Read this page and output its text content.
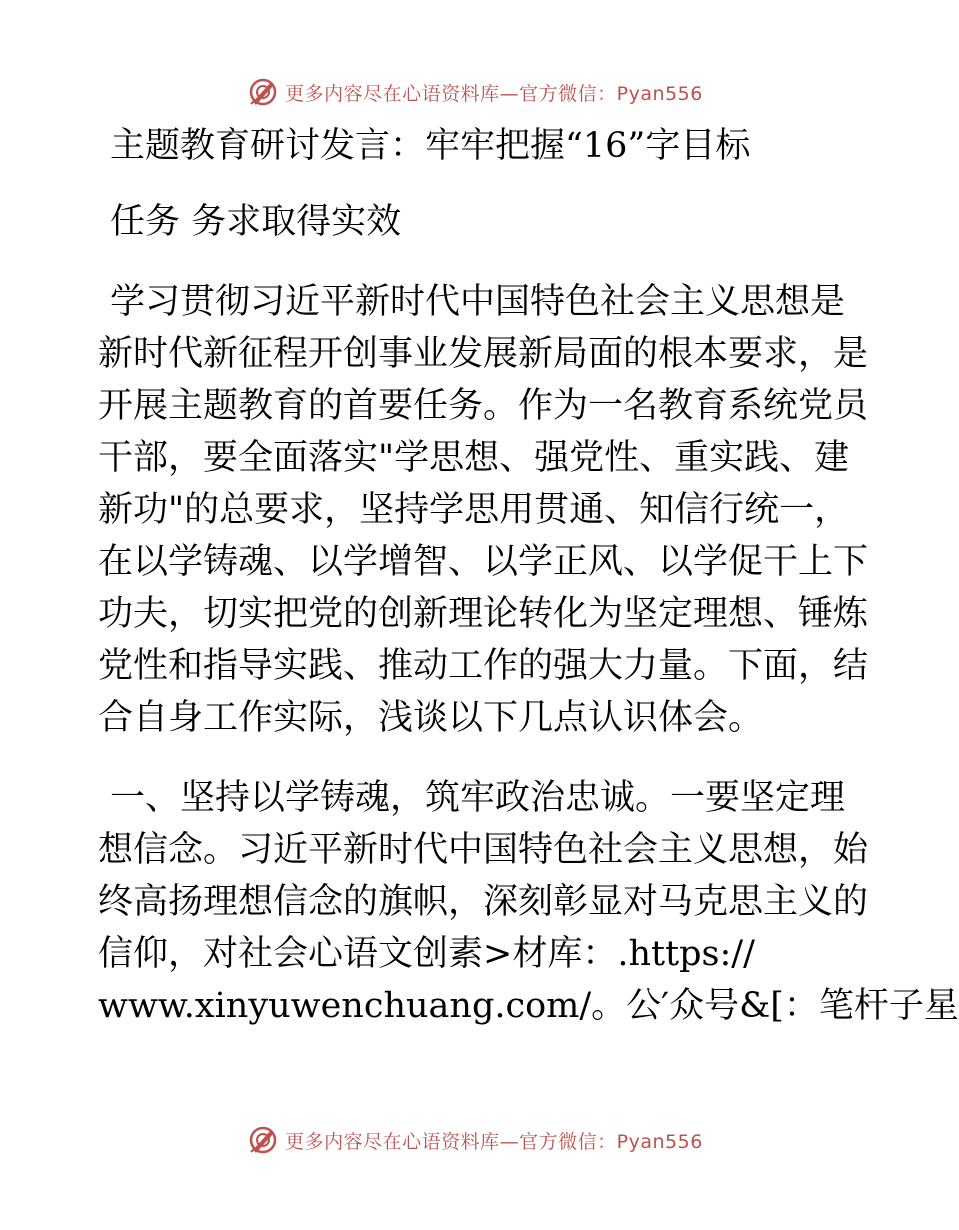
更多内容尽在心语资料库—官方微信：Pyan556
主题教育研讨发言：牢牢把握“16”字目标
任务 务求取得实效
学习贯彻习近平新时代中国特色社会主义思想是
新时代新征程开创事业发展新局面的根本要求，是
开展主题教育的首要任务。作为一名教育系统党员
干部，要全面落实"学思想、强党性、重实践、建
新功"的总要求，坚持学思用贯通、知信行统一，
在以学铸魂、以学增智、以学正风、以学促干上下
功夫，切实把党的创新理论转化为坚定理想、锤炼
党性和指导实践、推动工作的强大力量。下面，结
合自身工作实际，浅谈以下几点认识体会。
一、坚持以学铸魂，筑牢政治忠诚。一要坚定理
想信念。习近平新时代中国特色社会主义思想，始
终高扬理想信念的旗帜，深刻彰显对马克思主义的
信仰，对社会心语文创素>材库：.https://
www.xinyuwenchuang.com/。公′众号&[：笔杆子星
更多内容尽在心语资料库—官方微信：Pyan556
